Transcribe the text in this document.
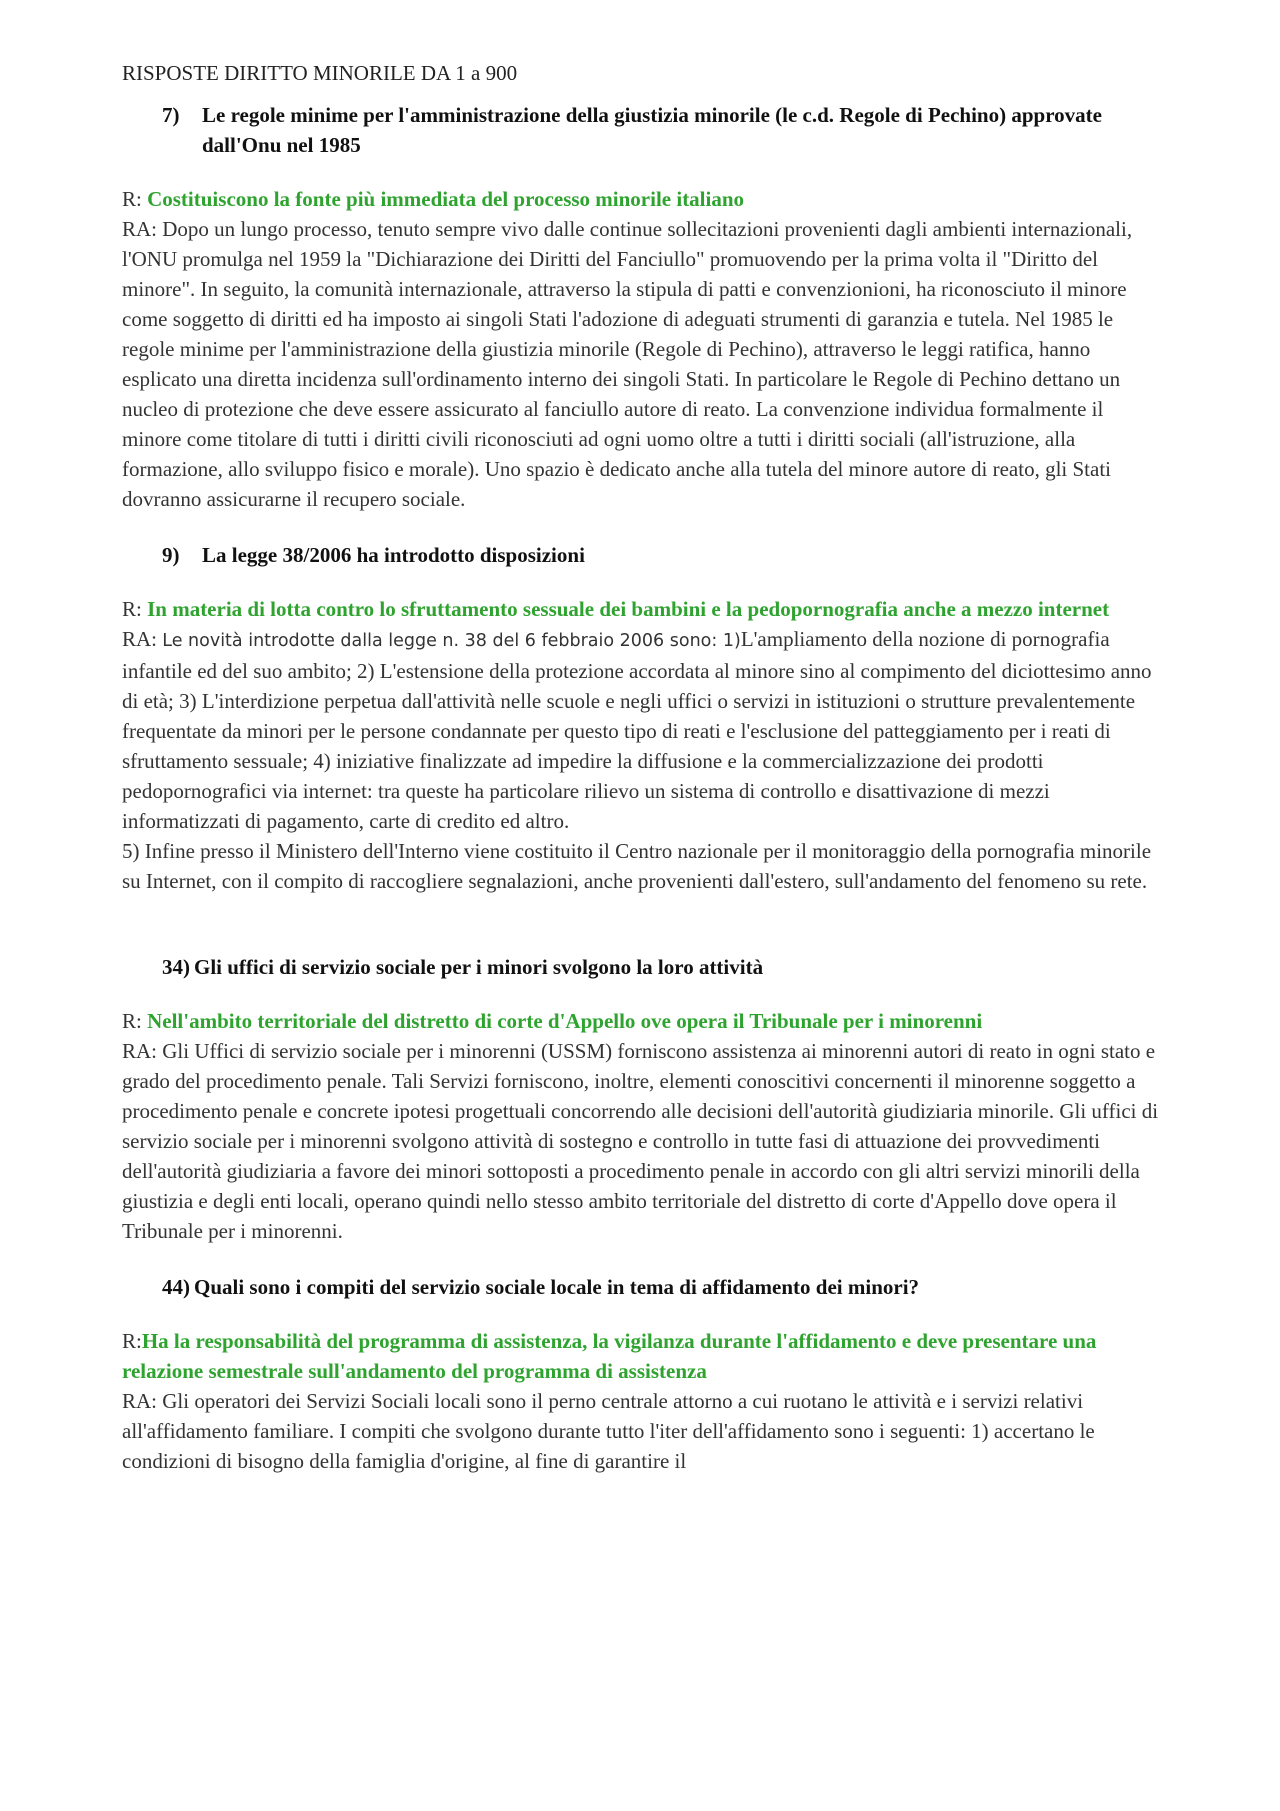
RISPOSTE DIRITTO MINORILE DA 1 a 900
7)	Le regole minime per l'amministrazione della giustizia minorile (le c.d. Regole di Pechino) approvate dall'Onu nel 1985

R: Costituiscono la fonte più immediata del processo minorile italiano

RA: Dopo un lungo processo, tenuto sempre vivo dalle continue sollecitazioni provenienti dagli ambienti internazionali, l'ONU promulga nel 1959 la "Dichiarazione dei Diritti del Fanciullo" promuovendo per la prima volta il "Diritto del minore". In seguito, la comunità internazionale, attraverso la stipula di patti e convenzionioni, ha riconosciuto il minore come soggetto di diritti ed ha imposto ai singoli Stati l'adozione di adeguati strumenti di garanzia e tutela. Nel 1985 le regole minime per l'amministrazione della giustizia minorile (Regole di Pechino), attraverso le leggi ratifica, hanno esplicato una diretta incidenza sull'ordinamento interno dei singoli Stati. In particolare le Regole di Pechino dettano un nucleo di protezione che deve essere assicurato al fanciullo autore di reato. La convenzione individua formalmente il minore come titolare di tutti i diritti civili riconosciuti ad ogni uomo oltre a tutti i diritti sociali (all'istruzione, alla formazione, allo sviluppo fisico e morale). Uno spazio è dedicato anche alla tutela del minore autore di reato, gli Stati dovranno assicurarne il recupero sociale.

9)	La legge 38/2006 ha introdotto disposizioni

R: In materia di lotta contro lo sfruttamento sessuale dei bambini e la pedopornografia anche a mezzo internet

RA: Le novità introdotte dalla legge n. 38 del 6 febbraio 2006 sono: 1)L'ampliamento della nozione di pornografia infantile ed del suo ambito; 2) L'estensione della protezione accordata al minore sino al compimento del diciottesimo anno di età; 3) L'interdizione perpetua dall'attività nelle scuole e negli uffici o servizi in istituzioni o strutture prevalentemente frequentate da minori per le persone condannate per questo tipo di reati e l'esclusione del patteggiamento per i reati di sfruttamento sessuale; 4) iniziative finalizzate ad impedire la diffusione e la commercializzazione dei prodotti pedopornografici via internet: tra queste ha particolare rilievo un sistema di controllo e disattivazione di mezzi informatizzati di pagamento, carte di credito ed altro.

5) Infine presso il Ministero dell'Interno viene costituito il Centro nazionale per il monitoraggio della pornografia minorile su Internet, con il compito di raccogliere segnalazioni, anche provenienti dall'estero, sull'andamento del fenomeno su rete.

34) Gli uffici di servizio sociale per i minori svolgono la loro attività

R: Nell'ambito territoriale del distretto di corte d'Appello ove opera il Tribunale per i minorenni

RA: Gli Uffici di servizio sociale per i minorenni (USSM) forniscono assistenza ai minorenni autori di reato in ogni stato e grado del procedimento penale. Tali Servizi forniscono, inoltre, elementi conoscitivi concernenti il minorenne soggetto a procedimento penale e concrete ipotesi progettuali concorrendo alle decisioni dell'autorità giudiziaria minorile. Gli uffici di servizio sociale per i minorenni svolgono attività di sostegno e controllo in tutte fasi di attuazione dei provvedimenti dell'autorità giudiziaria a favore dei minori sottoposti a procedimento penale in accordo con gli altri servizi minorili della giustizia e degli enti locali, operano quindi nello stesso ambito territoriale del distretto di corte d'Appello dove opera il Tribunale per i minorenni.

44) Quali sono i compiti del servizio sociale locale in tema di affidamento dei minori?

R:Ha la responsabilità del programma di assistenza, la vigilanza durante l'affidamento e deve presentare una relazione semestrale sull'andamento del programma di assistenza

RA: Gli operatori dei Servizi Sociali locali sono il perno centrale attorno a cui ruotano le attività e i servizi relativi all'affidamento familiare. I compiti che svolgono durante tutto l'iter dell'affidamento sono i seguenti: 1) accertano le condizioni di bisogno della famiglia d'origine, al fine di garantire il
